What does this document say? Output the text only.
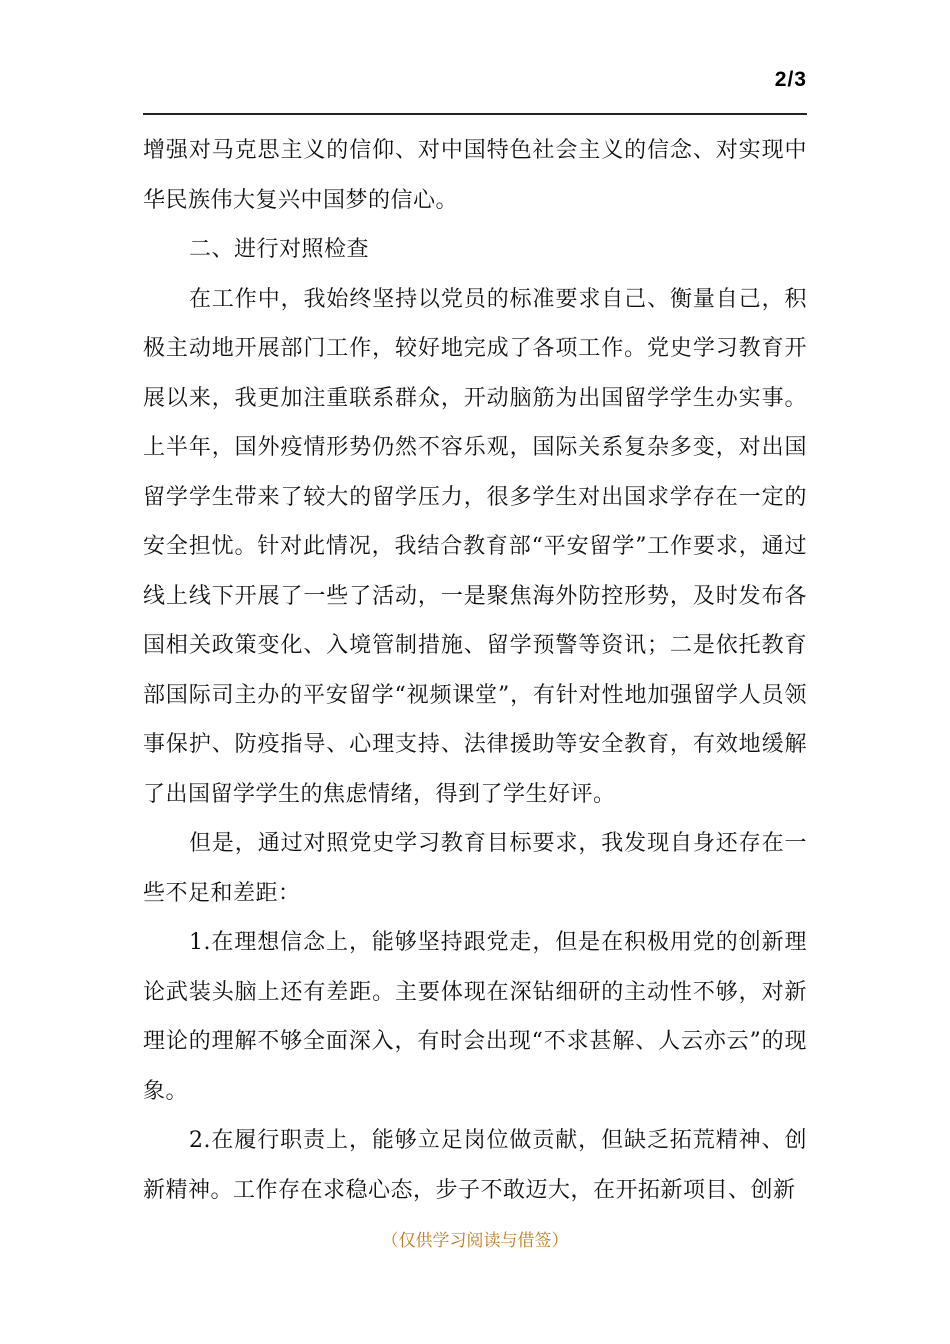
2/3

增强对马克思主义的信仰、对中国特色社会主义的信念、对实现中华民族伟大复兴中国梦的信心。

二、进行对照检查

在工作中，我始终坚持以党员的标准要求自己、衡量自己，积极主动地开展部门工作，较好地完成了各项工作。党史学习教育开展以来，我更加注重联系群众，开动脑筋为出国留学学生办实事。上半年，国外疫情形势仍然不容乐观，国际关系复杂多变，对出国留学学生带来了较大的留学压力，很多学生对出国求学存在一定的安全担忧。针对此情况，我结合教育部“平安留学”工作要求，通过线上线下开展了一些了活动，一是聚焦海外防控形势，及时发布各国相关政策变化、入境管制措施、留学预警等资讯；二是依托教育部国际司主办的平安留学“视频课堂”，有针对性地加强留学人员领事保护、防疫指导、心理支持、法律援助等安全教育，有效地缓解了出国留学学生的焦虑情绪，得到了学生好评。

但是，通过对照党史学习教育目标要求，我发现自身还存在一些不足和差距：

1.在理想信念上，能够坚持跟党走，但是在积极用党的创新理论武装头脑上还有差距。主要体现在深钻细研的主动性不够，对新理论的理解不够全面深入，有时会出现“不求甚解、人云亦云”的现象。

2.在履行职责上，能够立足岗位做贡献，但缺乏拓荒精神、创新精神。工作存在求稳心态，步子不敢迈大，在开拓新项目、创新

（仅供学习阅读与借签）
